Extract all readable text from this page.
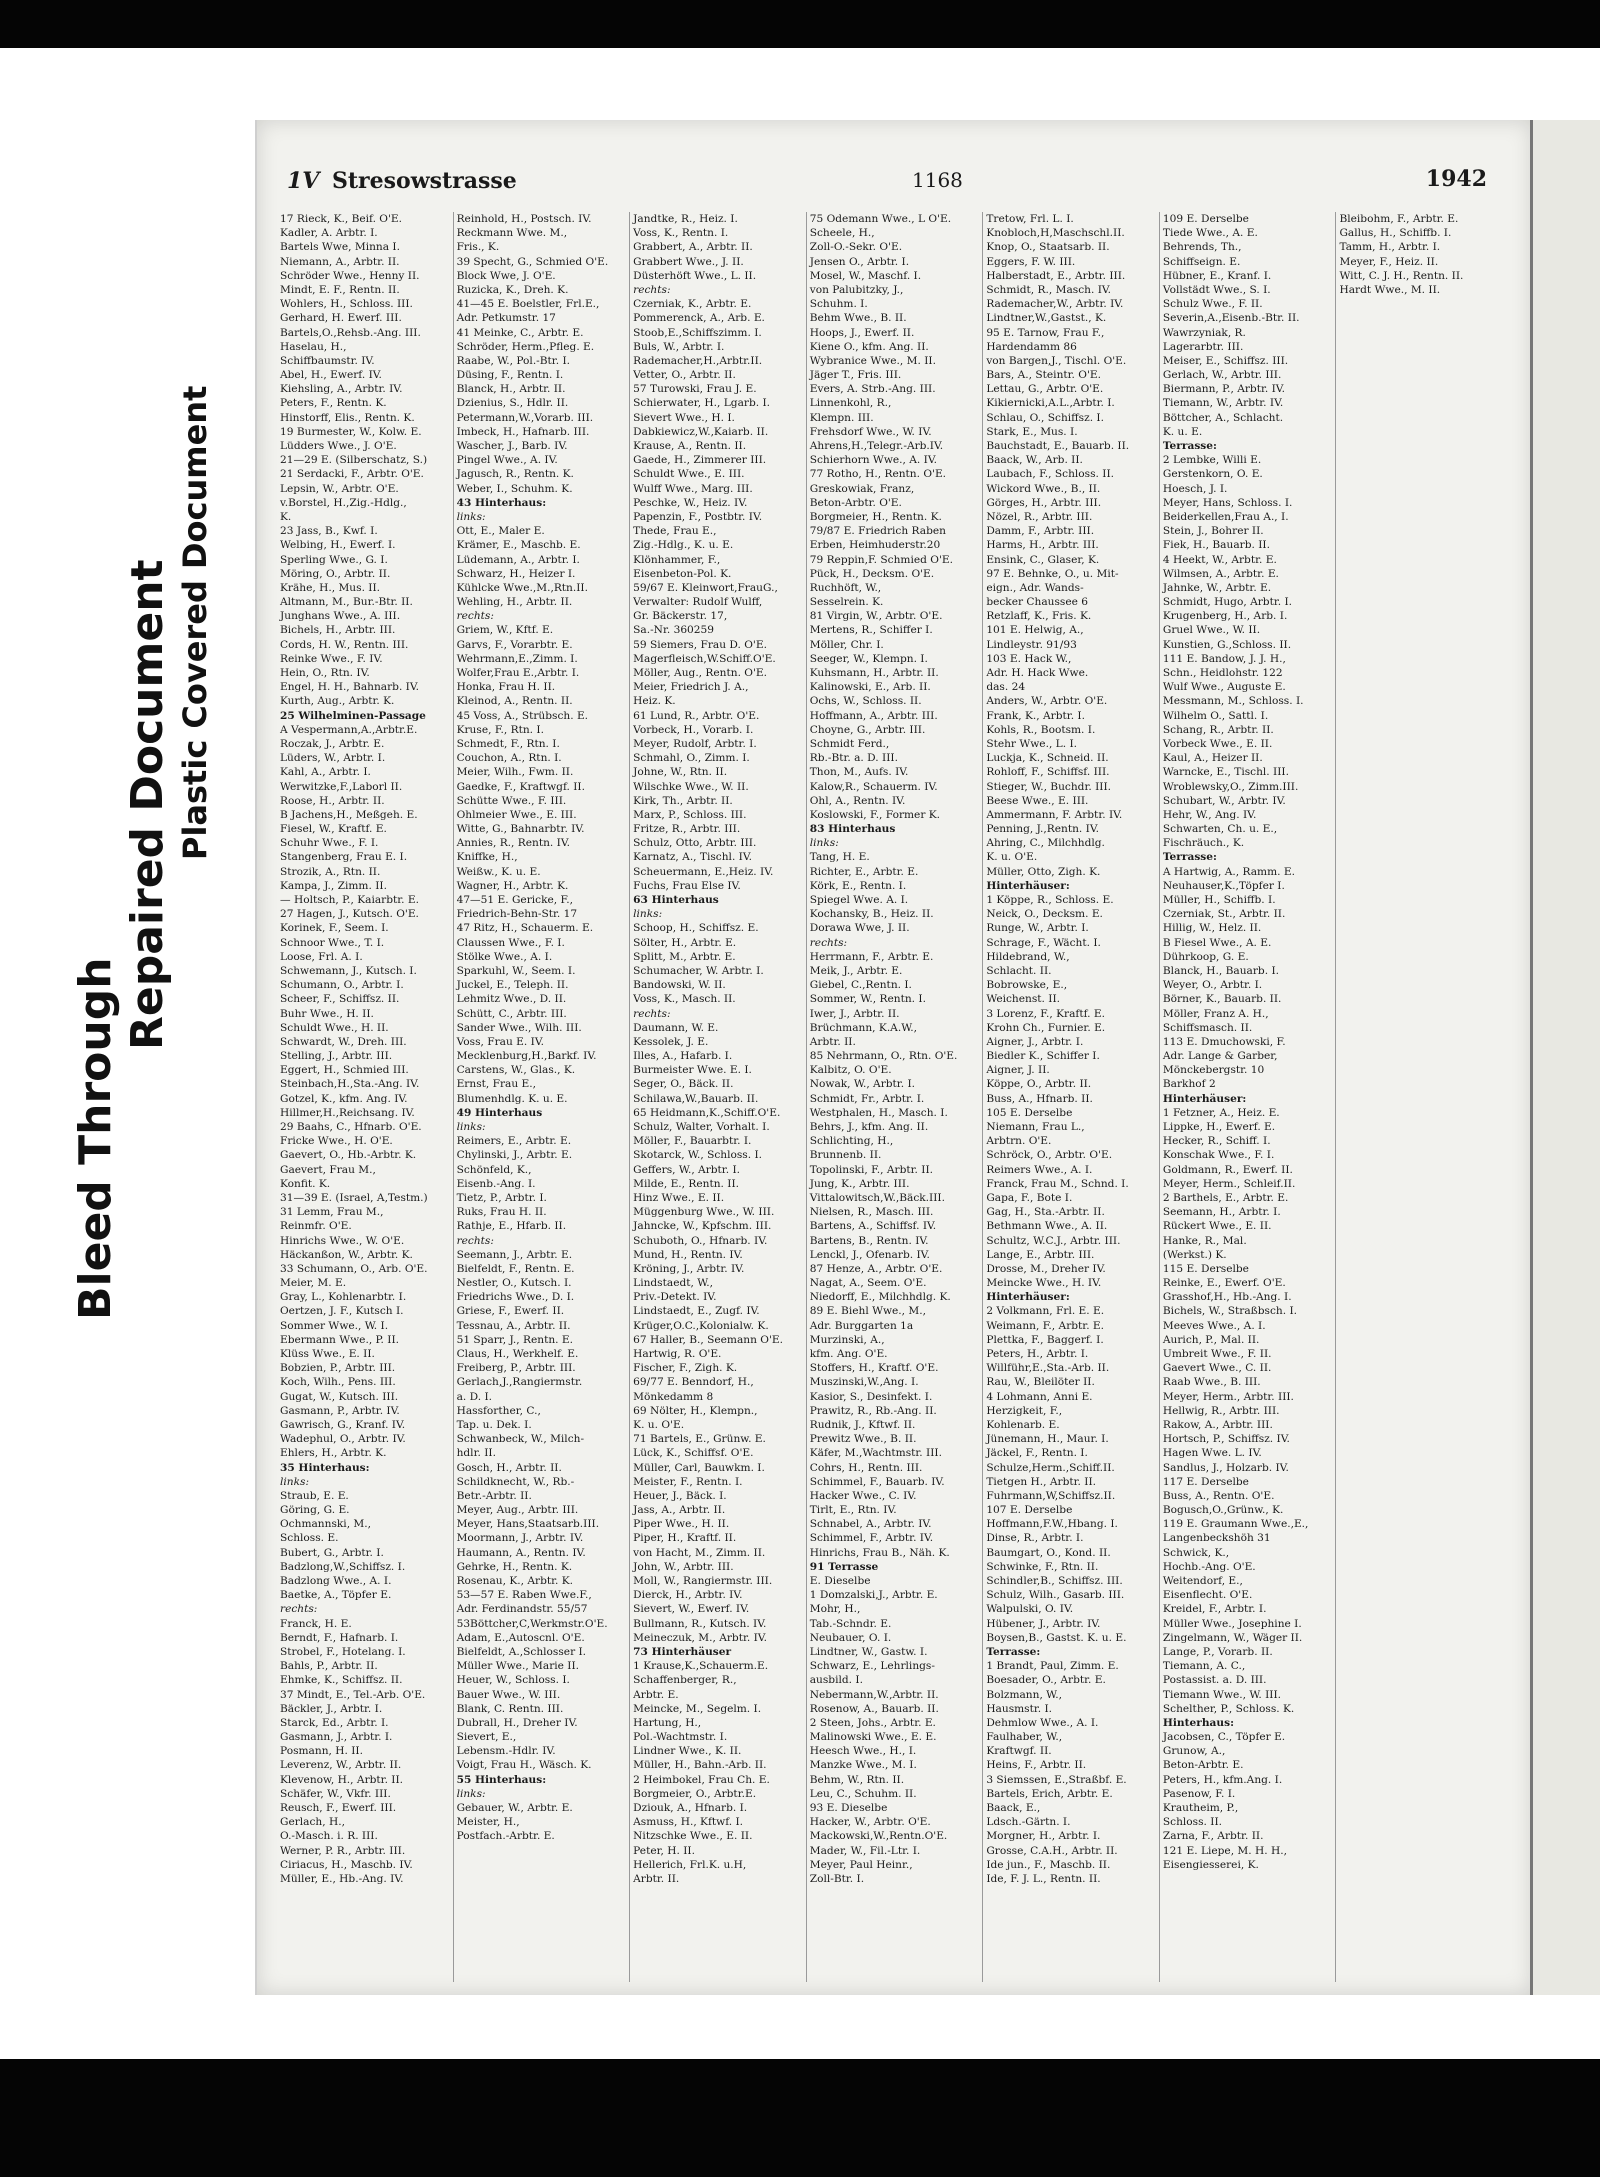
Bleed Through
Repaired Document Plastic Covered Document
1V Stresowstrasse	1168	1942
17 Rieck, K., Beif. O'E.
Kadler, A. Arbtr. I.
Bartels Wwe, Minna I.
Niemann, A., Arbtr. II.
Schröder Wwe., Henny II.
Mindt, E. F., Rentn. II.
Wohlers, H., Schloss. III.
Gerhard, H. Ewerf. III.
Bartels,O.,Rehsb.-Ang. III.
Haselau, H.,
Schiffbaumstr. IV.
Abel, H., Ewerf. IV.
Kiehsling, A., Arbtr. IV.
Peters, F., Rentn. K.
Hinstorff, Elis., Rentn. K.
19 Burmester, W., Kolw. E.
Lüdders Wwe., J. O'E.
21—29 E. (Silberschatz, S.)
21 Serdacki, F., Arbtr. O'E.
Lepsin, W., Arbtr. O'E.
v.Borstel, H.,Zig.-Hdlg.,
K.
23 Jass, B., Kwf. I.
Welbing, H., Ewerf. I.
Sperling Wwe., G. I.
Möring, O., Arbtr. II.
Krähe, H., Mus. II.
Altmann, M., Bur.-Btr. II.
Junghans Wwe., A. III.
Bichels, H., Arbtr. III.
Cords, H. W., Rentn. III.
Reinke Wwe., F. IV.
Hein, O., Rtn. IV.
Engel, H. H., Bahnarb. IV.
Kurth, Aug., Arbtr. K.
25 Wilhelminen-Passage
A Vespermann,A.,Arbtr.E.
Roczak, J., Arbtr. E.
Lüders, W., Arbtr. I.
Kahl, A., Arbtr. I.
Werwitzke,F.,Laborl II.
Roose, H., Arbtr. II.
B Jachens,H., Meßgeh. E.
Fiesel, W., Kraftf. E.
Schuhr Wwe., F. I.
Stangenberg, Frau E. I.
Strozik, A., Rtn. II.
Kampa, J., Zimm. II.
— Holtsch, P., Kaiarbtr. E.
27 Hagen, J., Kutsch. O'E.
Korinek, F., Seem. I.
Schnoor Wwe., T. I.
Loose, Frl. A. I.
Schwemann, J., Kutsch. I.
Schumann, O., Arbtr. I.
Scheer, F., Schiffsz. II.
Buhr Wwe., H. II.
Schuldt Wwe., H. II.
Schwardt, W., Dreh. III.
Stelling, J., Arbtr. III.
Eggert, H., Schmied III.
Steinbach,H.,Sta.-Ang. IV.
Gotzel, K., kfm. Ang. IV.
Hillmer,H.,Reichsang. IV.
29 Baahs, C., Hfnarb. O'E.
Fricke Wwe., H. O'E.
Gaevert, O., Hb.-Arbtr. K.
Gaevert, Frau M.,
Konfit. K.
31—39 E. (Israel, A,Testm.)
31 Lemm, Frau M.,
Reinmfr. O'E.
Hinrichs Wwe., W. O'E.
Häckanßon, W., Arbtr. K.
33 Schumann, O., Arb. O'E.
Meier, M. E.
Gray, L., Kohlenarbtr. I.
Oertzen, J. F., Kutsch I.
Sommer Wwe., W. I.
Ebermann Wwe., P. II.
Klüss Wwe., E. II.
Bobzien, P., Arbtr. III.
Koch, Wilh., Pens. III.
Gugat, W., Kutsch. III.
Gasmann, P., Arbtr. IV.
Gawrisch, G., Kranf. IV.
Wadephul, O., Arbtr. IV.
Ehlers, H., Arbtr. K.
35 Hinterhaus:
links:
Straub, E. E.
Göring, G. E.
Ochmannski, M.,
Schloss. E.
Bubert, G., Arbtr. I.
Badzlong,W.,Schiffsz. I.
Badzlong Wwe., A. I.
Baetke, A., Töpfer E.
rechts:
Franck, H. E.
Berndt, F., Hafnarb. I.
Strobel, F., Hotelang. I.
Bahls, P., Arbtr. II.
Ehmke, K., Schiffsz. II.
37 Mindt, E., Tel.-Arb. O'E.
Bäckler, J., Arbtr. I.
Starck, Ed., Arbtr. I.
Gasmann, J., Arbtr. I.
Posmann, H. II.
Leverenz, W., Arbtr. II.
Klevenow, H., Arbtr. II.
Schäfer, W., Vkfr. III.
Reusch, F., Ewerf. III.
Gerlach, H.,
O.-Masch. i. R. III.
Werner, P. R., Arbtr. III.
Ciriacus, H., Maschb. IV.
Müller, E., Hb.-Ang. IV.
Reinhold, H., Postsch. IV.
Reckmann Wwe. M.,
Fris., K.
39 Specht, G., Schmied O'E.
Block Wwe, J. O'E.
Ruzicka, K., Dreh. K.
41—45 E. Boelstler, Frl.E.,
Adr. Petkumstr. 17
41 Meinke, C., Arbtr. E.
Schröder, Herm.,Pfleg. E.
Raabe, W., Pol.-Btr. I.
Düsing, F., Rentn. I.
Blanck, H., Arbtr. II.
Dzienius, S., Hdlr. II.
Petermann,W.,Vorarb. III.
Imbeck, H., Hafnarb. III.
Wascher, J., Barb. IV.
Pingel Wwe., A. IV.
Jagusch, R., Rentn. K.
Weber, I., Schuhm. K.
43 Hinterhaus:
links:
Ott, E., Maler E.
Krämer, E., Maschb. E.
Lüdemann, A., Arbtr. I.
Schwarz, H., Heizer I.
Kühlcke Wwe.,M.,Rtn.II.
Wehling, H., Arbtr. II.
rechts:
Griem, W., Kftf. E.
Garvs, F., Vorarbtr. E.
Wehrmann,E.,Zimm. I.
Wolfer,Frau E.,Arbtr. I.
Honka, Frau H. II.
Kleinod, A., Rentn. II.
45 Voss, A., Strübsch. E.
Kruse, F., Rtn. I.
Schmedt, F., Rtn. I.
Couchon, A., Rtn. I.
Meier, Wilh., Fwm. II.
Gaedke, F., Kraftwgf. II.
Schütte Wwe., F. III.
Ohlmeier Wwe., E. III.
Witte, G., Bahnarbtr. IV.
Annies, R., Rentn. IV.
Kniffke, H.,
Weißw., K. u. E.
Wagner, H., Arbtr. K.
47—51 E. Gericke, F.,
Friedrich-Behn-Str. 17
47 Ritz, H., Schauerm. E.
Claussen Wwe., F. I.
Stölke Wwe., A. I.
Sparkuhl, W., Seem. I.
Juckel, E., Teleph. II.
Lehmitz Wwe., D. II.
Schütt, C., Arbtr. III.
Sander Wwe., Wilh. III.
Voss, Frau E. IV.
Mecklenburg,H.,Barkf. IV.
Carstens, W., Glas., K.
Ernst, Frau E.,
Blumenhdlg. K. u. E.
49 Hinterhaus
links:
Reimers, E., Arbtr. E.
Chylinski, J., Arbtr. E.
Schönfeld, K.,
Eisenb.-Ang. I.
Tietz, P., Arbtr. I.
Ruks, Frau H. II.
Rathje, E., Hfarb. II.
rechts:
Seemann, J., Arbtr. E.
Bielfeldt, F., Rentn. E.
Nestler, O., Kutsch. I.
Friedrichs Wwe., D. I.
Griese, F., Ewerf. II.
Tessnau, A., Arbtr. II.
51 Sparr, J., Rentn. E.
Claus, H., Werkhelf. E.
Freiberg, P., Arbtr. III.
Gerlach,J.,Rangiermstr.
a. D. I.
Hassforther, C.,
Tap. u. Dek. I.
Schwanbeck, W., Milch-
hdlr. II.
Gosch, H., Arbtr. II.
Schildknecht, W., Rb.-
Betr.-Arbtr. II.
Meyer, Aug., Arbtr. III.
Meyer, Hans,Staatsarb.III.
Moormann, J., Arbtr. IV.
Haumann, A., Rentn. IV.
Gehrke, H., Rentn. K.
Rosenau, K., Arbtr. K.
53—57 E. Raben Wwe.F.,
Adr. Ferdinandstr. 55/57
53Böttcher,C,Werkmstr.O'E.
Adam, E.,Autoscnl. O'E.
Bielfeldt, A.,Schlosser I.
Müller Wwe., Marie II.
Heuer, W., Schloss. I.
Bauer Wwe., W. III.
Blank, C. Rentn. III.
Dubrall, H., Dreher IV.
Sievert, E.,
Lebensm.-Hdlr. IV.
Voigt, Frau H., Wäsch. K.
55 Hinterhaus:
links:
Gebauer, W., Arbtr. E.
Meister, H.,
Postfach.-Arbtr. E.
Jandtke, R., Heiz. I.
Voss, K., Rentn. I.
Grabbert, A., Arbtr. II.
Grabbert Wwe., J. II.
Düsterhöft Wwe., L. II.
rechts:
Czerniak, K., Arbtr. E.
Pommerenck, A., Arb. E.
Stoob,E.,Schiffszimm. I.
Buls, W., Arbtr. I.
Rademacher,H.,Arbtr.II.
Vetter, O., Arbtr. II.
57 Turowski, Frau J. E.
Schierwater, H., Lgarb. I.
Sievert Wwe., H. I.
Dabkiewicz,W.,Kaiarb. II.
Krause, A., Rentn. II.
Gaede, H., Zimmerer III.
Schuldt Wwe., E. III.
Wulff Wwe., Marg. III.
Peschke, W., Heiz. IV.
Papenzin, F., Postbtr. IV.
Thede, Frau E.,
Zig.-Hdlg., K. u. E.
Klönhammer, F.,
Eisenbeton-Pol. K.
59/67 E. Kleinwort,FrauG.,
Verwalter: Rudolf Wulff,
Gr. Bäckerstr. 17,
Sa.-Nr. 360259
59 Siemers, Frau D. O'E.
Magerfleisch,W.Schiff.O'E.
Möller, Aug., Rentn. O'E.
Meier, Friedrich J. A.,
Heiz. K.
61 Lund, R., Arbtr. O'E.
Vorbeck, H., Vorarb. I.
Meyer, Rudolf, Arbtr. I.
Schmahl, O., Zimm. I.
Johne, W., Rtn. II.
Wilschke Wwe., W. II.
Kirk, Th., Arbtr. II.
Marx, P., Schloss. III.
Fritze, R., Arbtr. III.
Schulz, Otto, Arbtr. III.
Karnatz, A., Tischl. IV.
Scheuermann, E.,Heiz. IV.
Fuchs, Frau Else IV.
63 Hinterhaus
links:
Schoop, H., Schiffsz. E.
Sölter, H., Arbtr. E.
Splitt, M., Arbtr. E.
Schumacher, W. Arbtr. I.
Bandowski, W. II.
Voss, K., Masch. II.
rechts:
Daumann, W. E.
Kessolek, J. E.
Illes, A., Hafarb. I.
Burmeister Wwe. E. I.
Seger, O., Bäck. II.
Schilawa,W.,Bauarb. II.
65 Heidmann,K.,Schiff.O'E.
Schulz, Walter, Vorhalt. I.
Möller, F., Bauarbtr. I.
Skotarck, W., Schloss. I.
Geffers, W., Arbtr. I.
Milde, E., Rentn. II.
Hinz Wwe., E. II.
Müggenburg Wwe., W. III.
Jahncke, W., Kpfschm. III.
Schuboth, O., Hfnarb. IV.
Mund, H., Rentn. IV.
Kröning, J., Arbtr. IV.
Lindstaedt, W.,
Priv.-Detekt. IV.
Lindstaedt, E., Zugf. IV.
Krüger,O.C.,Kolonialw. K.
67 Haller, B., Seemann O'E.
Hartwig, R. O'E.
Fischer, F., Zigh. K.
69/77 E. Benndorf, H.,
Mönkedamm 8
69 Nölter, H., Klempn.,
K. u. O'E.
71 Bartels, E., Grünw. E.
Lück, K., Schiffsf. O'E.
Müller, Carl, Bauwkm. I.
Meister, F., Rentn. I.
Heuer, J., Bäck. I.
Jass, A., Arbtr. II.
Piper Wwe., H. II.
Piper, H., Kraftf. II.
von Hacht, M., Zimm. II.
John, W., Arbtr. III.
Moll, W., Rangiermstr. III.
Dierck, H., Arbtr. IV.
Sievert, W., Ewerf. IV.
Bullmann, R., Kutsch. IV.
Meineczuk, M., Arbtr. IV.
73 Hinterhäuser
1 Krause,K.,Schauerm.E.
Schaffenberger, R.,
Arbtr. E.
Meincke, M., Segelm. I.
Hartung, H.,
Pol.-Wachtmstr. I.
Lindner Wwe., K. II.
Müller, H., Bahn.-Arb. II.
2 Heimbokel, Frau Ch. E.
Borgmeier, O., Arbtr.E.
Dziouk, A., Hfnarb. I.
Asmuss, H., Kftwf. I.
Nitzschke Wwe., E. II.
Peter, H. II.
Hellerich, Frl.K. u.H,
Arbtr. II.
75 Odemann Wwe., L O'E.
Scheele, H.,
Zoll-O.-Sekr. O'E.
Jensen O., Arbtr. I.
Mosel, W., Maschf. I.
von Palubitzky, J.,
Schuhm. I.
Behm Wwe., B. II.
Hoops, J., Ewerf. II.
Kiene O., kfm. Ang. II.
Wybranice Wwe., M. II.
Jäger T., Fris. III.
Evers, A. Strb.-Ang. III.
Linnenkohl, R.,
Klempn. III.
Frehsdorf Wwe., W. IV.
Ahrens,H.,Telegr.-Arb.IV.
Schierhorn Wwe., A. IV.
77 Rotho, H., Rentn. O'E.
Greskowiak, Franz,
Beton-Arbtr. O'E.
Borgmeier, H., Rentn. K.
79/87 E. Friedrich Raben
Erben, Heimhuderstr.20
79 Reppin,F. Schmied O'E.
Pück, H., Decksm. O'E.
Ruchhöft, W.,
Sesselrein. K.
81 Virgin, W., Arbtr. O'E.
Mertens, R., Schiffer I.
Möller, Chr. I.
Seeger, W., Klempn. I.
Kuhsmann, H., Arbtr. II.
Kalinowski, E., Arb. II.
Ochs, W., Schloss. II.
Hoffmann, A., Arbtr. III.
Choyne, G., Arbtr. III.
Schmidt Ferd.,
Rb.-Btr. a. D. III.
Thon, M., Aufs. IV.
Kalow,R., Schauerm. IV.
Ohl, A., Rentn. IV.
Koslowski, F., Former K.
83 Hinterhaus
links:
Tang, H. E.
Richter, E., Arbtr. E.
Körk, E., Rentn. I.
Spiegel Wwe. A. I.
Kochansky, B., Heiz. II.
Dorawa Wwe, J. II.
rechts:
Herrmann, F., Arbtr. E.
Meik, J., Arbtr. E.
Giebel, C.,Rentn. I.
Sommer, W., Rentn. I.
Iwer, J., Arbtr. II.
Brüchmann, K.A.W.,
Arbtr. II.
85 Nehrmann, O., Rtn. O'E.
Kalbitz, O. O'E.
Nowak, W., Arbtr. I.
Schmidt, Fr., Arbtr. I.
Westphalen, H., Masch. I.
Behrs, J., kfm. Ang. II.
Schlichting, H.,
Brunnenb. II.
Topolinski, F., Arbtr. II.
Jung, K., Arbtr. III.
Vittalowitsch,W.,Bäck.III.
Nielsen, R., Masch. III.
Bartens, A., Schiffsf. IV.
Bartens, B., Rentn. IV.
Lenckl, J., Ofenarb. IV.
87 Henze, A., Arbtr. O'E.
Nagat, A., Seem. O'E.
Niedorff, E., Milchhdlg. K.
89 E. Biehl Wwe., M.,
Adr. Burggarten 1a
Murzinski, A.,
kfm. Ang. O'E.
Stoffers, H., Kraftf. O'E.
Muszinski,W.,Ang. I.
Kasior, S., Desinfekt. I.
Prawitz, R., Rb.-Ang. II.
Rudnik, J., Kftwf. II.
Prewitz Wwe., B. II.
Käfer, M.,Wachtmstr. III.
Cohrs, H., Rentn. III.
Schimmel, F., Bauarb. IV.
Hacker Wwe., C. IV.
Tirlt, E., Rtn. IV.
Schnabel, A., Arbtr. IV.
Schimmel, F., Arbtr. IV.
Hinrichs, Frau B., Näh. K.
91 Terrasse
E. Dieselbe
1 Domzalski,J., Arbtr. E.
Mohr, H.,
Tab.-Schndr. E.
Neubauer, O. I.
Lindtner, W., Gastw. I.
Schwarz, E., Lehrlings-
ausbild. I.
Nebermann,W.,Arbtr. II.
Rosenow, A., Bauarb. II.
2 Steen, Johs., Arbtr. E.
Malinowski Wwe., E. E.
Heesch Wwe., H., I.
Manzke Wwe., M. I.
Behm, W., Rtn. II.
Leu, C., Schuhm. II.
93 E. Dieselbe
Hacker, W., Arbtr. O'E.
Mackowski,W.,Rentn.O'E.
Mader, W., Fil.-Ltr. I.
Meyer, Paul Heinr.,
Zoll-Btr. I.
Tretow, Frl. L. I.
Knobloch,H,Maschschl.II.
Knop, O., Staatsarb. II.
Eggers, F. W. III.
Halberstadt, E., Arbtr. III.
Schmidt, R., Masch. IV.
Rademacher,W., Arbtr. IV.
Lindtner,W.,Gastst., K.
95 E. Tarnow, Frau F.,
Hardendamm 86
von Bargen,J., Tischl. O'E.
Bars, A., Steintr. O'E.
Lettau, G., Arbtr. O'E.
Kikiernicki,A.L.,Arbtr. I.
Schlau, O., Schiffsz. I.
Stark, E., Mus. I.
Bauchstadt, E., Bauarb. II.
Baack, W., Arb. II.
Laubach, F., Schloss. II.
Wickord Wwe., B., II.
Görges, H., Arbtr. III.
Nözel, R., Arbtr. III.
Damm, F., Arbtr. III.
Harms, H., Arbtr. III.
Ensink, C., Glaser, K.
97 E. Behnke, O., u. Mit-
eign., Adr. Wands-
becker Chaussee 6
Retzlaff, K., Fris. K.
101 E. Helwig, A.,
Lindleystr. 91/93
103 E. Hack W.,
Adr. H. Hack Wwe.
das. 24
Anders, W., Arbtr. O'E.
Frank, K., Arbtr. I.
Kohls, R., Bootsm. I.
Stehr Wwe., L. I.
Luckja, K., Schneid. II.
Rohloff, F., Schiffsf. III.
Stieger, W., Buchdr. III.
Beese Wwe., E. III.
Ammermann, F. Arbtr. IV.
Penning, J.,Rentn. IV.
Ahring, C., Milchhdlg.
K. u. O'E.
Müller, Otto, Zigh. K.
Hinterhäuser:
1 Köppe, R., Schloss. E.
Neick, O., Decksm. E.
Runge, W., Arbtr. I.
Schrage, F., Wächt. I.
Hildebrand, W.,
Schlacht. II.
Bobrowske, E.,
Weichenst. II.
3 Lorenz, F., Kraftf. E.
Krohn Ch., Furnier. E.
Aigner, J., Arbtr. I.
Biedler K., Schiffer I.
Aigner, J. II.
Köppe, O., Arbtr. II.
Buss, A., Hfnarb. II.
105 E. Derselbe
Niemann, Frau L.,
Arbtrn. O'E.
Schröck, O., Arbtr. O'E.
Reimers Wwe., A. I.
Franck, Frau M., Schnd. I.
Gapa, F., Bote I.
Gag, H., Sta.-Arbtr. II.
Bethmann Wwe., A. II.
Schultz, W.C.J., Arbtr. III.
Lange, E., Arbtr. III.
Drosse, M., Dreher IV.
Meincke Wwe., H. IV.
Hinterhäuser:
2 Volkmann, Frl. E. E.
Weimann, F., Arbtr. E.
Plettka, F., Baggerf. I.
Peters, H., Arbtr. I.
Willführ,E.,Sta.-Arb. II.
Rau, W., Bleilöter II.
4 Lohmann, Anni E.
Herzigkeit, F.,
Kohlenarb. E.
Jünemann, H., Maur. I.
Jäckel, F., Rentn. I.
Schulze,Herm.,Schiff.II.
Tietgen H., Arbtr. II.
Fuhrmann,W,Schiffsz.II.
107 E. Derselbe
Hoffmann,F.W.,Hbang. I.
Dinse, R., Arbtr. I.
Baumgart, O., Kond. II.
Schwinke, F., Rtn. II.
Schindler,B., Schiffsz. III.
Schulz, Wilh., Gasarb. III.
Walpulski, O. IV.
Hübener, J., Arbtr. IV.
Boysen,B., Gastst. K. u. E.
Terrasse:
1 Brandt, Paul, Zimm. E.
Boesader, O., Arbtr. E.
Bolzmann, W.,
Hausmstr. I.
Dehmlow Wwe., A. I.
Faulhaber, W.,
Kraftwgf. II.
Heins, F., Arbtr. II.
3 Siemssen, E.,Straßbf. E.
Bartels, Erich, Arbtr. E.
Baack, E.,
Ldsch.-Gärtn. I.
Morgner, H., Arbtr. I.
Grosse, C.A.H., Arbtr. II.
Ide jun., F., Maschb. II.
Ide, F. J. L., Rentn. II.
109 E. Derselbe
Tiede Wwe., A. E.
Behrends, Th.,
Schiffseign. E.
Hübner, E., Kranf. I.
Vollstädt Wwe., S. I.
Schulz Wwe., F. II.
Severin,A.,Eisenb.-Btr. II.
Wawrzyniak, R.
Lagerarbtr. III.
Meiser, E., Schiffsz. III.
Gerlach, W., Arbtr. III.
Biermann, P., Arbtr. IV.
Tiemann, W., Arbtr. IV.
Böttcher, A., Schlacht.
K. u. E.
Terrasse:
2 Lembke, Willi E.
Gerstenkorn, O. E.
Hoesch, J. I.
Meyer, Hans, Schloss. I.
Beiderkellen,Frau A., I.
Stein, J., Bohrer II.
Fiek, H., Bauarb. II.
4 Heekt, W., Arbtr. E.
Wilmsen, A., Arbtr. E.
Jahnke, W., Arbtr. E.
Schmidt, Hugo, Arbtr. I.
Krugenberg, H., Arb. I.
Gruel Wwe., W. II.
Kunstien, G.,Schloss. II.
111 E. Bandow, J. J. H.,
Schn., Heidlohstr. 122
Wulf Wwe., Auguste E.
Messmann, M., Schloss. I.
Wilhelm O., Sattl. I.
Schang, R., Arbtr. II.
Vorbeck Wwe., E. II.
Kaul, A., Heizer II.
Warncke, E., Tischl. III.
Wroblewsky,O., Zimm.III.
Schubart, W., Arbtr. IV.
Hehr, W., Ang. IV.
Schwarten, Ch. u. E.,
Fischräuch., K.
Terrasse:
A Hartwig, A., Ramm. E.
Neuhauser,K.,Töpfer I.
Müller, H., Schiffb. I.
Czerniak, St., Arbtr. II.
Hillig, W., Helz. II.
B Fiesel Wwe., A. E.
Dührkoop, G. E.
Blanck, H., Bauarb. I.
Weyer, O., Arbtr. I.
Börner, K., Bauarb. II.
Möller, Franz A. H.,
Schiffsmasch. II.
113 E. Dmuchowski, F.
Adr. Lange & Garber,
Mönckebergstr. 10
Barkhof 2
Hinterhäuser:
1 Fetzner, A., Heiz. E.
Lippke, H., Ewerf. E.
Hecker, R., Schiff. I.
Konschak Wwe., F. I.
Goldmann, R., Ewerf. II.
Meyer, Herm., Schleif.II.
2 Barthels, E., Arbtr. E.
Seemann, H., Arbtr. I.
Rückert Wwe., E. II.
Hanke, R., Mal.
(Werkst.) K.
115 E. Derselbe
Reinke, E., Ewerf. O'E.
Grasshof,H., Hb.-Ang. I.
Bichels, W., Straßbsch. I.
Meeves Wwe., A. I.
Aurich, P., Mal. II.
Umbreit Wwe., F. II.
Gaevert Wwe., C. II.
Raab Wwe., B. III.
Meyer, Herm., Arbtr. III.
Hellwig, R., Arbtr. III.
Rakow, A., Arbtr. III.
Hortsch, P., Schiffsz. IV.
Hagen Wwe. L. IV.
Sandlus, J., Holzarb. IV.
117 E. Derselbe
Buss, A., Rentn. O'E.
Bogusch,O.,Grünw., K.
119 E. Graumann Wwe.,E.,
Langenbeckshöh 31
Schwick, K.,
Hochb.-Ang. O'E.
Weitendorf, E.,
Eisenflecht. O'E.
Kreidel, F., Arbtr. I.
Müller Wwe., Josephine I.
Zingelmann, W., Wäger II.
Lange, P., Vorarb. II.
Tiemann, A. C.,
Postassist. a. D. III.
Tiemann Wwe., W. III.
Schelther, P., Schloss. K.
Hinterhaus:
Jacobsen, C., Töpfer E.
Grunow, A.,
Beton-Arbtr. E.
Peters, H., kfm.Ang. I.
Pasenow, F. I.
Krautheim, P.,
Schloss. II.
Zarna, F., Arbtr. II.
121 E. Liepe, M. H. H.,
Eisengiesserei, K.
Bleibohm, F., Arbtr. E.
Gallus, H., Schiffb. I.
Tamm, H., Arbtr. I.
Meyer, F., Heiz. II.
Witt, C. J. H., Rentn. II.
Hardt Wwe., M. II.
